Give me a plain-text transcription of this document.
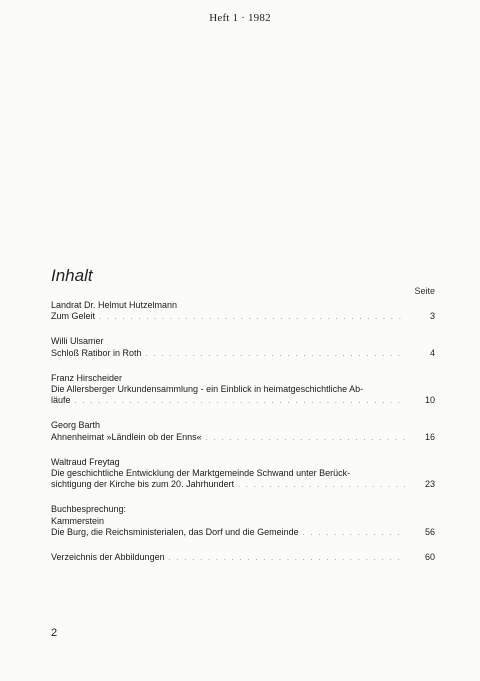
Heft 1 · 1982
Inhalt
Seite
Landrat Dr. Helmut Hutzelmann
Zum Geleit . . .	3
Willi Ulsamer
Schloß Ratibor in Roth . . .	4
Franz Hirscheider
Die Allersberger Urkundensammlung - ein Einblick in heimatgeschichtliche Ab-
läufe . . .	10
Georg Barth
Ahnenheimat »Ländlein ob der Enns« . . .	16
Waltraud Freytag
Die geschichtliche Entwicklung der Marktgemeinde Schwand unter Berück-
sichtigung der Kirche bis zum 20. Jahrhundert . . .	23
Buchbesprechung:
Kammerstein
Die Burg, die Reichsministerialen, das Dorf und die Gemeinde . . .	56
Verzeichnis der Abbildungen . . .	60
2
